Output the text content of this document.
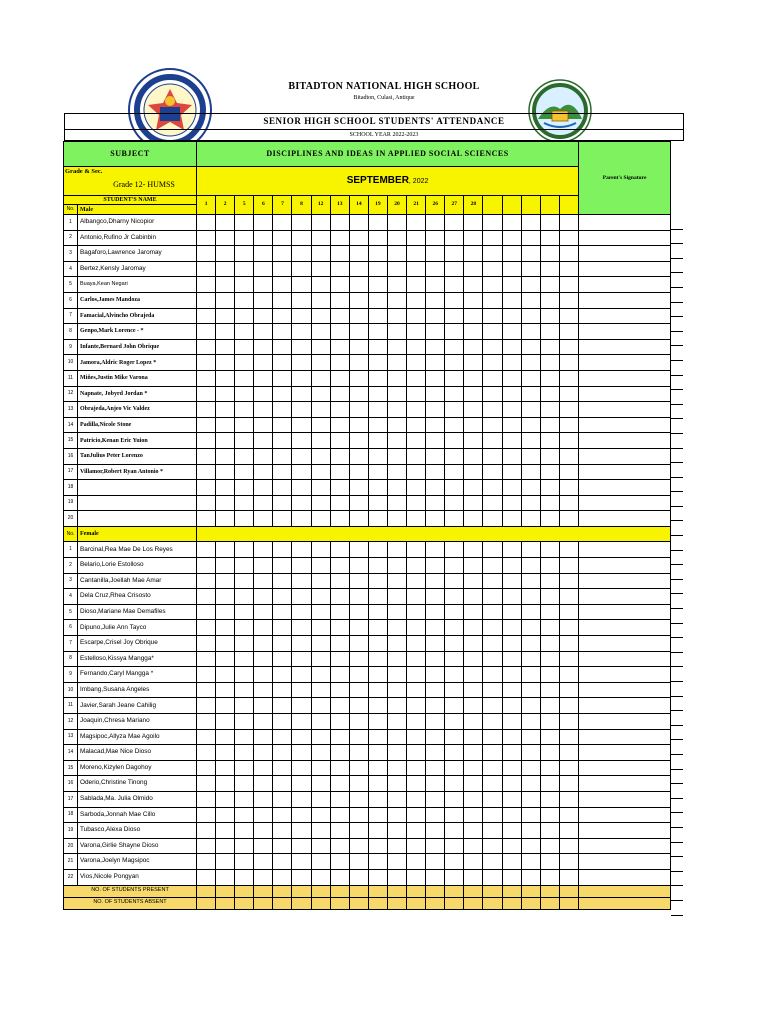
BITADTON NATIONAL HIGH SCHOOL
Bitadton, Culasi, Antique
SENIOR HIGH SCHOOL STUDENTS' ATTENDANCE
SCHOOL YEAR 2022-2023
SUBJECT		DISCIPLINES AND IDEAS IN APPLIED SOCIAL SCIENCES																				Parent's Signature

Grade & Sec.
Grade 12- HUMSS		SEPTEMBER, 2022																				
STUDENT'S NAME		1	2	5	6	7	8	12	13	14	19	20	21	26	27	28						
No.	Male																					
1	Albangco,Dharny Nicopior																					
2	Antonio,Rufino Jr Cabinbin																					
3	Bagaforo,Lawrence Jaromay																					
4	Bertez,Kensly Jaromay																					
5	Buaya,Kean Negari																					
6	Carlos,James Mandoza																					
7	Famacial,Alvincho Obrajeda																					
8	Genpo,Mark Lorence - *																					
9	Infante,Bernard John Obrique																					
10	Jamora,Aldric Roger Lopez *																					
11	Miñes,Justin Mike Varona																					
12	Napnate, Jobyrd Jordan *																					
13	Obrajeda,Anjeo Vic Valdez																					
14	Padilla,Nicole Stone																					
15	Patricio,Kenan Eric Yuion																					
16	TanJulius Peter Lorenzo																					
17	Villamor,Robert Ryan Antonio *																					
18																						
19																						
20																						
No.	Female																					
1	Barcinal,Rea Mae De Los Reyes																					
2	Belario,Lorie Estolloso																					
3	Cantanilla,Joellah Mae Amar																					
4	Dela Cruz,Rhea Crisosto																					
5	Dioso,Mariane Mae Demafiles																					
6	Dipuno,Julie Ann Tayco																					
7	Escarpe,Crisel Joy Obrique																					
8	Estelloso,Kissya Mangga*																					
9	Fernando,Caryl Mangga *																					
10	Imbang,Susana Angeles																					
11	Javier,Sarah Jeane Cahilig																					
12	Joaquin,Chresa Mariano																					
13	Magsipoc,Allyza Mae Agoilo																					
14	Malacad,Mae Nice Dioso																					
15	Moreno,Kizylen Dagohoy																					
16	Oderio,Christine Tinong																					
17	Sablada,Ma. Julia Olmido																					
18	Sarboda,Jonnah Mae Cillo																					
19	Tubasco,Alexa Dioso																					
20	Varona,Girlie Shayne Dioso																					
21	Varona,Joelyn Magsipoc																					
22	Vios,Nicole Pongyan																					
NO. OF STUDENTS PRESENT																						
NO. OF STUDENTS ABSENT																						
